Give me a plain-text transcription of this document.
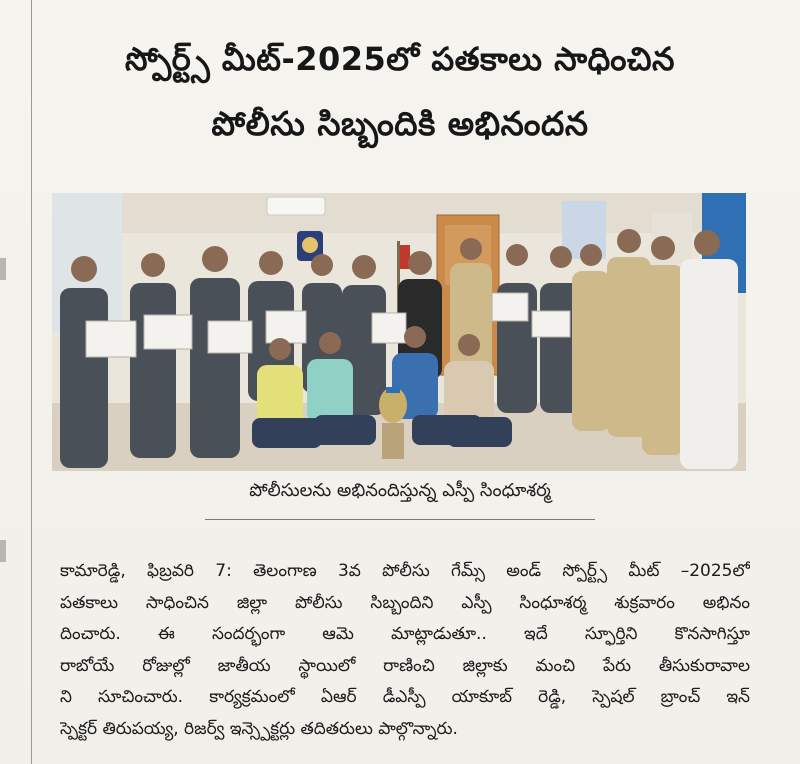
స్పోర్ట్స్ మీట్-2025లో పతకాలు సాధించిన
పోలీసు సిబ్బందికి అభినందన
పోలీసులను అభినందిస్తున్న ఎస్పీ సింధూశర్మ
కామారెడ్డి, ఫిబ్రవరి 7: తెలంగాణ 3వ పోలీసు గేమ్స్ అండ్ స్పోర్ట్స్ మీట్ –2025లో
పతకాలు సాధించిన జిల్లా పోలీసు సిబ్బందిని ఎస్పీ సింధూశర్మ శుక్రవారం అభినం
దించారు. ఈ సందర్భంగా ఆమె మాట్లాడుతూ.. ఇదే స్ఫూర్తిని కొనసాగిస్తూ
రాబోయే రోజుల్లో జాతీయ స్థాయిలో రాణించి జిల్లాకు మంచి పేరు తీసుకురావాల
ని సూచించారు. కార్యక్రమంలో ఏఆర్ డీఎస్పీ యాకూబ్ రెడ్డి, స్పెషల్ బ్రాంచ్ ఇన్
స్పెక్టర్ తిరుపయ్య, రిజర్వ్ ఇన్స్పెక్టర్లు తదితరులు పాల్గొన్నారు.
